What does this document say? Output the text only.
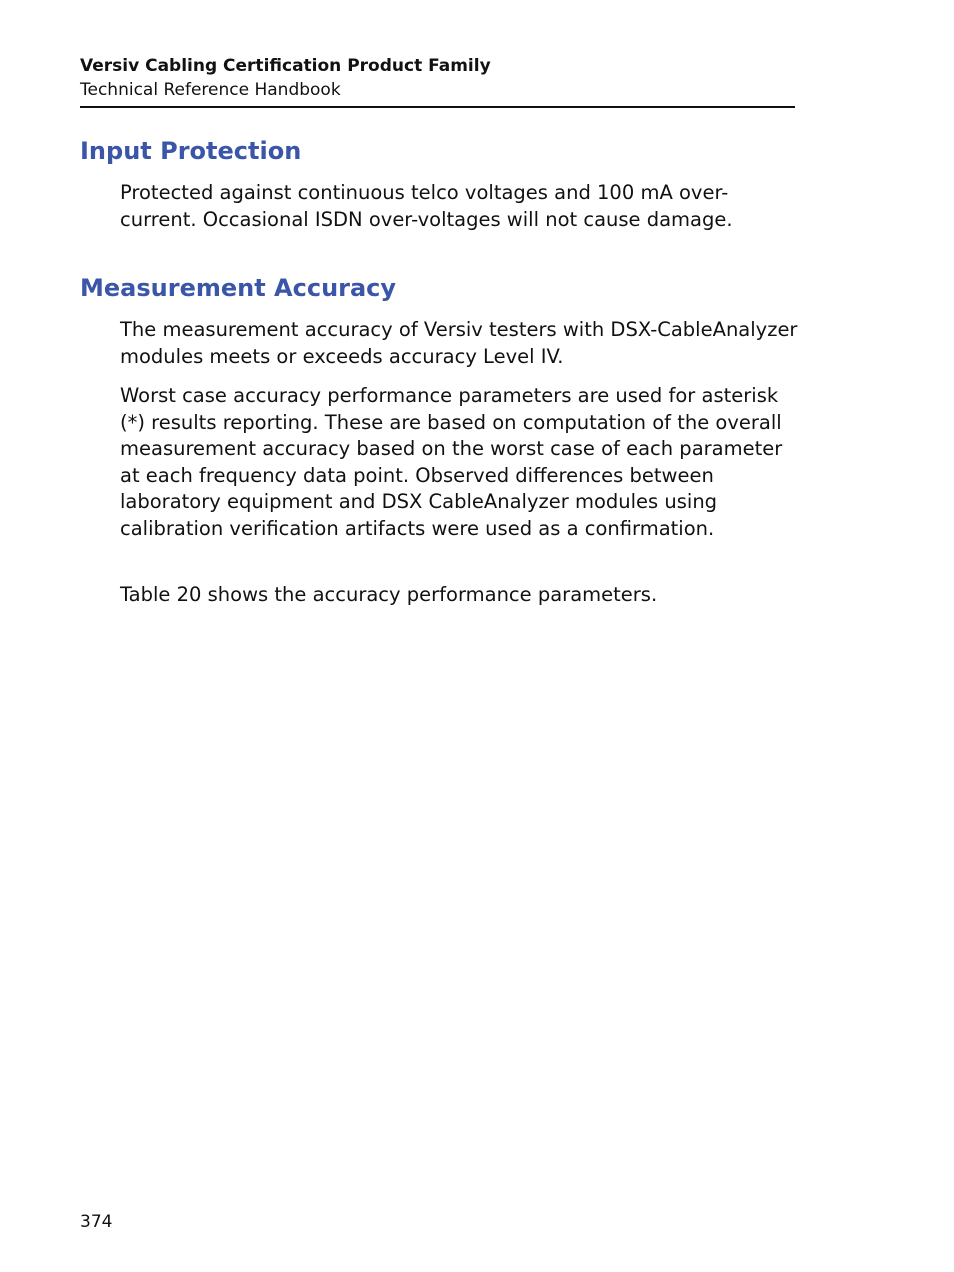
Versiv Cabling Certification Product Family
Technical Reference Handbook
Input Protection

Protected against continuous telco voltages and 100 mA over-current. Occasional ISDN over-voltages will not cause damage.

Measurement Accuracy

The measurement accuracy of Versiv testers with DSX-CableAnalyzer modules meets or exceeds accuracy Level IV.

Worst case accuracy performance parameters are used for asterisk (*) results reporting. These are based on computation of the overall measurement accuracy based on the worst case of each parameter at each frequency data point. Observed differences between laboratory equipment and DSX CableAnalyzer modules using calibration verification artifacts were used as a confirmation.

Table 20 shows the accuracy performance parameters.

374
